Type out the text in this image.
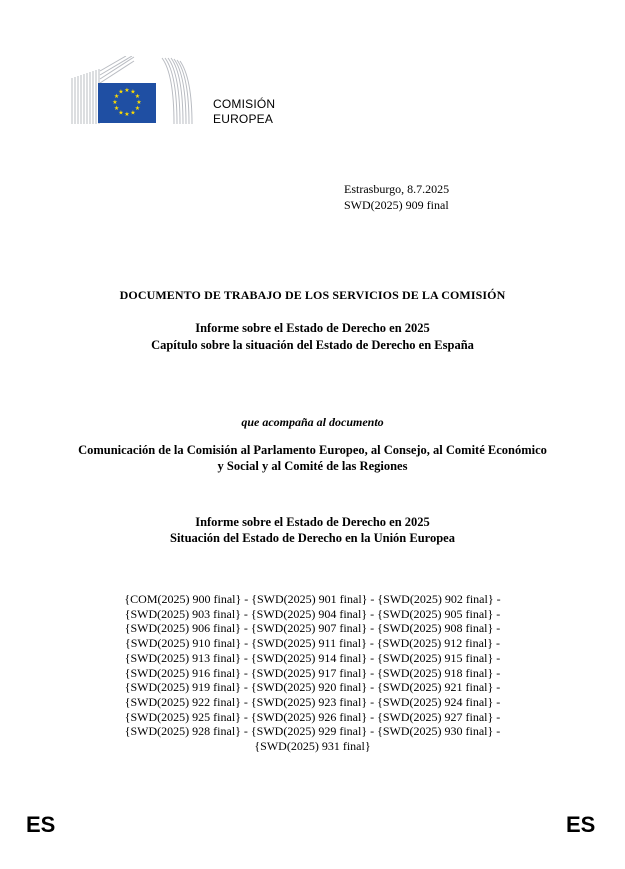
★ ★
★
★
★
★
★
★
★
★
★
★
COMISIÓN
EUROPEA
Estrasburgo, 8.7.2025
SWD(2025) 909 final
DOCUMENTO DE TRABAJO DE LOS SERVICIOS DE LA COMISIÓN
Informe sobre el Estado de Derecho en 2025
Capítulo sobre la situación del Estado de Derecho en España
que acompaña al documento
Comunicación de la Comisión al Parlamento Europeo, al Consejo, al Comité Económico
y Social y al Comité de las Regiones
Informe sobre el Estado de Derecho en 2025
Situación del Estado de Derecho en la Unión Europea
{COM(2025) 900 final} - {SWD(2025) 901 final} - {SWD(2025) 902 final} -
{SWD(2025) 903 final} - {SWD(2025) 904 final} - {SWD(2025) 905 final} -
{SWD(2025) 906 final} - {SWD(2025) 907 final} - {SWD(2025) 908 final} -
{SWD(2025) 910 final} - {SWD(2025) 911 final} - {SWD(2025) 912 final} -
{SWD(2025) 913 final} - {SWD(2025) 914 final} - {SWD(2025) 915 final} -
{SWD(2025) 916 final} - {SWD(2025) 917 final} - {SWD(2025) 918 final} -
{SWD(2025) 919 final} - {SWD(2025) 920 final} - {SWD(2025) 921 final} -
{SWD(2025) 922 final} - {SWD(2025) 923 final} - {SWD(2025) 924 final} -
{SWD(2025) 925 final} - {SWD(2025) 926 final} - {SWD(2025) 927 final} -
{SWD(2025) 928 final} - {SWD(2025) 929 final} - {SWD(2025) 930 final} -
{SWD(2025) 931 final}
ES	ES
